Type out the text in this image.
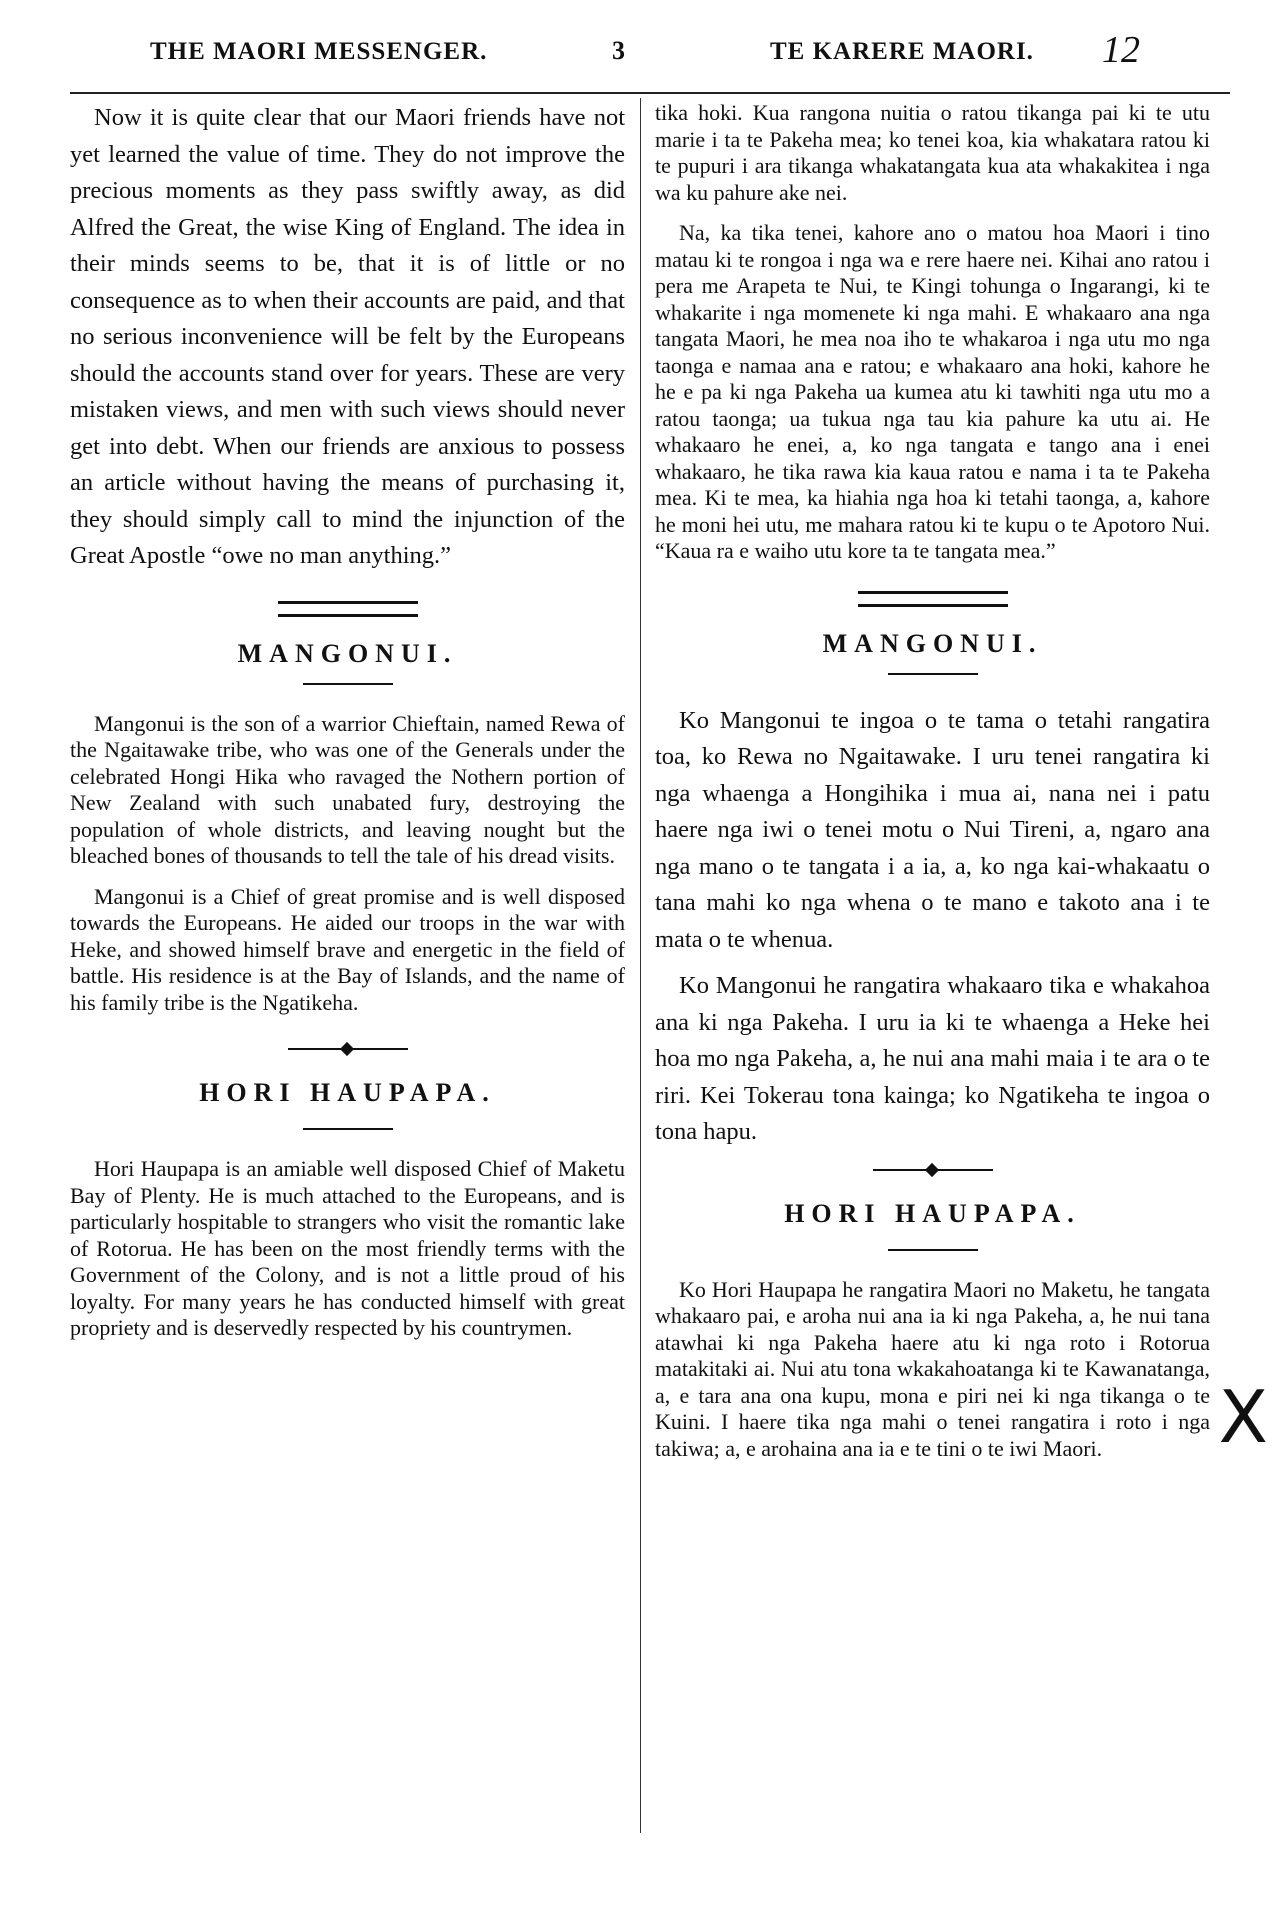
THE MAORI MESSENGER.	3	TE KARERE MAORI. 12
X

Now it is quite clear that our Maori friends have not yet learned the value of time. They do not improve the precious moments as they pass swiftly away, as did Alfred the Great, the wise King of England. The idea in their minds seems to be, that it is of little or no consequence as to when their accounts are paid, and that no serious inconvenience will be felt by the Europeans should the accounts stand over for years. These are very mistaken views, and men with such views should never get into debt. When our friends are anxious to possess an article without having the means of purchasing it, they should simply call to mind the injunction of the Great Apostle “owe no man anything.”

MANGONUI.

Mangonui is the son of a warrior Chieftain, named Rewa of the Ngaitawake tribe, who was one of the Generals under the celebrated Hongi Hika who ravaged the Nothern portion of New Zealand with such unabated fury, destroying the population of whole districts, and leaving nought but the bleached bones of thousands to tell the tale of his dread visits.

Mangonui is a Chief of great promise and is well disposed towards the Europeans. He aided our troops in the war with Heke, and showed himself brave and energetic in the field of battle. His residence is at the Bay of Islands, and the name of his family tribe is the Ngatikeha.

HORI HAUPAPA.

Hori Haupapa is an amiable well disposed Chief of Maketu Bay of Plenty. He is much attached to the Europeans, and is particularly hospitable to strangers who visit the romantic lake of Rotorua. He has been on the most friendly terms with the Government of the Colony, and is not a little proud of his loyalty. For many years he has conducted himself with great propriety and is deservedly respected by his countrymen.

tika hoki. Kua rangona nuitia o ratou tikanga pai ki te utu marie i ta te Pakeha mea; ko tenei koa, kia whakatara ratou ki te pupuri i ara tikanga whakatangata kua ata whakakitea i nga wa ku pahure ake nei.

Na, ka tika tenei, kahore ano o matou hoa Maori i tino matau ki te rongoa i nga wa e rere haere nei. Kihai ano ratou i pera me Arapeta te Nui, te Kingi tohunga o Ingarangi, ki te whakarite i nga momenete ki nga mahi. E whakaaro ana nga tangata Maori, he mea noa iho te whakaroa i nga utu mo nga taonga e namaa ana e ratou; e whakaaro ana hoki, kahore he he e pa ki nga Pakeha ua kumea atu ki tawhiti nga utu mo a ratou taonga; ua tukua nga tau kia pahure ka utu ai. He whakaaro he enei, a, ko nga tangata e tango ana i enei whakaaro, he tika rawa kia kaua ratou e nama i ta te Pakeha mea. Ki te mea, ka hiahia nga hoa ki tetahi taonga, a, kahore he moni hei utu, me mahara ratou ki te kupu o te Apotoro Nui. “Kaua ra e waiho utu kore ta te tangata mea.”

MANGONUI.

Ko Mangonui te ingoa o te tama o tetahi rangatira toa, ko Rewa no Ngaitawake. I uru tenei rangatira ki nga whaenga a Hongihika i mua ai, nana nei i patu haere nga iwi o tenei motu o Nui Tireni, a, ngaro ana nga mano o te tangata i a ia, a, ko nga kai-whakaatu o tana mahi ko nga whena o te mano e takoto ana i te mata o te whenua.

Ko Mangonui he rangatira whakaaro tika e whakahoa ana ki nga Pakeha. I uru ia ki te whaenga a Heke hei hoa mo nga Pakeha, a, he nui ana mahi maia i te ara o te riri. Kei Tokerau tona kainga; ko Ngatikeha te ingoa o tona hapu.

HORI HAUPAPA.

Ko Hori Haupapa he rangatira Maori no Maketu, he tangata whakaaro pai, e aroha nui ana ia ki nga Pakeha, a, he nui tana atawhai ki nga Pakeha haere atu ki nga roto i Rotorua matakitaki ai. Nui atu tona wkakahoatanga ki te Kawanatanga, a, e tara ana ona kupu, mona e piri nei ki nga tikanga o te Kuini. I haere tika nga mahi o tenei rangatira i roto i nga takiwa; a, e arohaina ana ia e te tini o te iwi Maori.
